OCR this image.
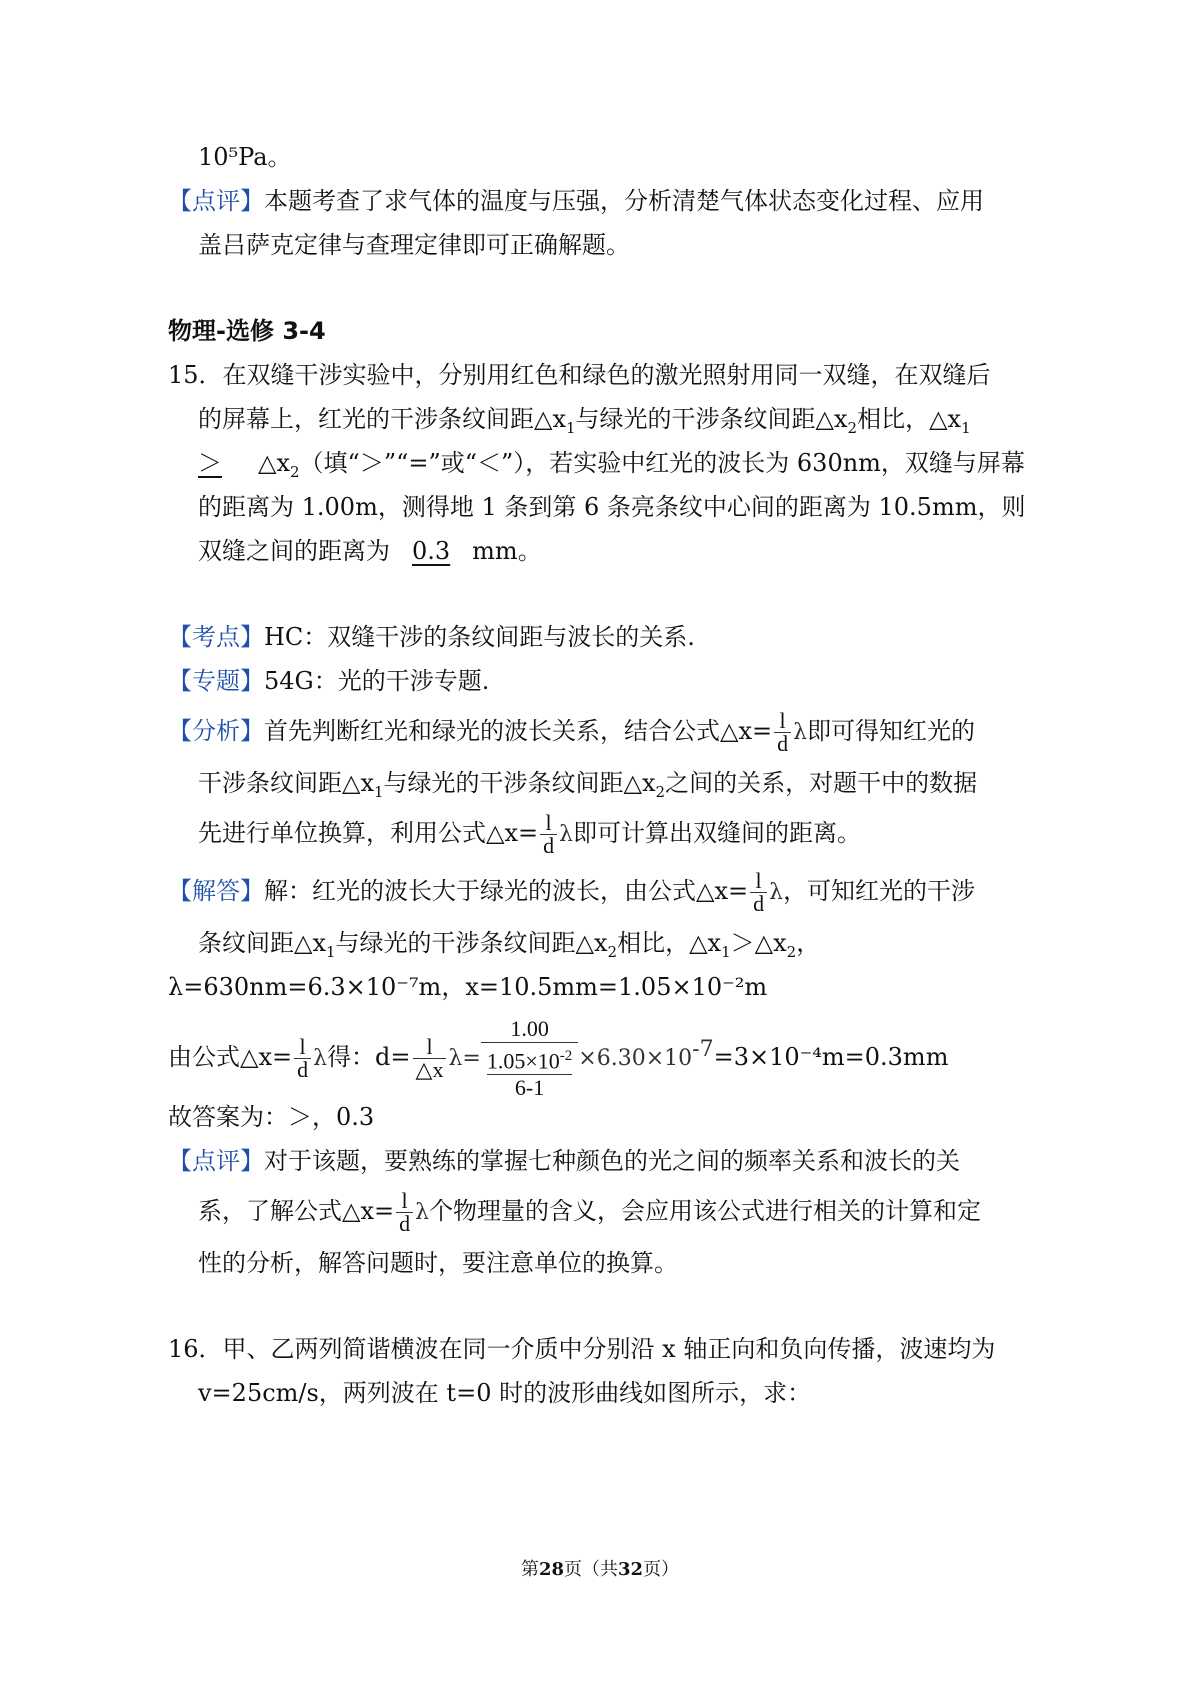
10⁵Pa。
【点评】本题考查了求气体的温度与压强，分析清楚气体状态变化过程、应用
盖吕萨克定律与查理定律即可正确解题。
物理-选修 3-4
15．在双缝干涉实验中，分别用红色和绿色的激光照射用同一双缝，在双缝后
的屏幕上，红光的干涉条纹间距$\triangle x_1$与绿光的干涉条纹间距$\triangle x_2$相比，$\triangle x_1$
＞ $\triangle x_2$（填“＞”“=”或“＜”），若实验中红光的波长为 630nm，双缝与屏幕
的距离为 1.00m，测得地 1 条到第 6 条亮条纹中心间的距离为 10.5mm，则
双缝之间的距离为 0.3 mm。
【考点】HC：双缝干涉的条纹间距与波长的关系.
【专题】54G：光的干涉专题.
【分析】首先判断红光和绿光的波长关系，结合公式△x= $\frac{l}{d}$ λ即可得知红光的
干涉条纹间距$\triangle x_1$与绿光的干涉条纹间距$\triangle x_2$之间的关系，对题干中的数据
先进行单位换算，利用公式△x= $\frac{l}{d}$ λ即可计算出双缝间的距离。
【解答】解：红光的波长大于绿光的波长，由公式△x= $\frac{l}{d}$ λ，可知红光的干涉
条纹间距$\triangle x_1$与绿光的干涉条纹间距$\triangle x_2$相比，$\triangle x_1>\triangle x_2$，
λ=630nm=6.3×10⁻⁷m，x=10.5mm=1.05×10⁻²m
由公式△x= $\frac{l}{d}$ λ得：$d= \frac{l}{\triangle x} \lambda= 1.00$
$1.05\times 10^{-2}$
$6-1 \times 6.30\times 10^{-7}=3\times 10^{-4}m=0.3mm$
故答案为：＞，0.3
【点评】对于该题，要熟练的掌握七种颜色的光之间的频率关系和波长的关
系，了解公式△x= $\frac{l}{d}$ λ个物理量的含义，会应用该公式进行相关的计算和定
性的分析，解答问题时，要注意单位的换算。
16．甲、乙两列简谐横波在同一介质中分别沿 x 轴正向和负向传播，波速均为
v=25cm/s，两列波在 t=0 时的波形曲线如图所示，求：
第28页（共32页）
